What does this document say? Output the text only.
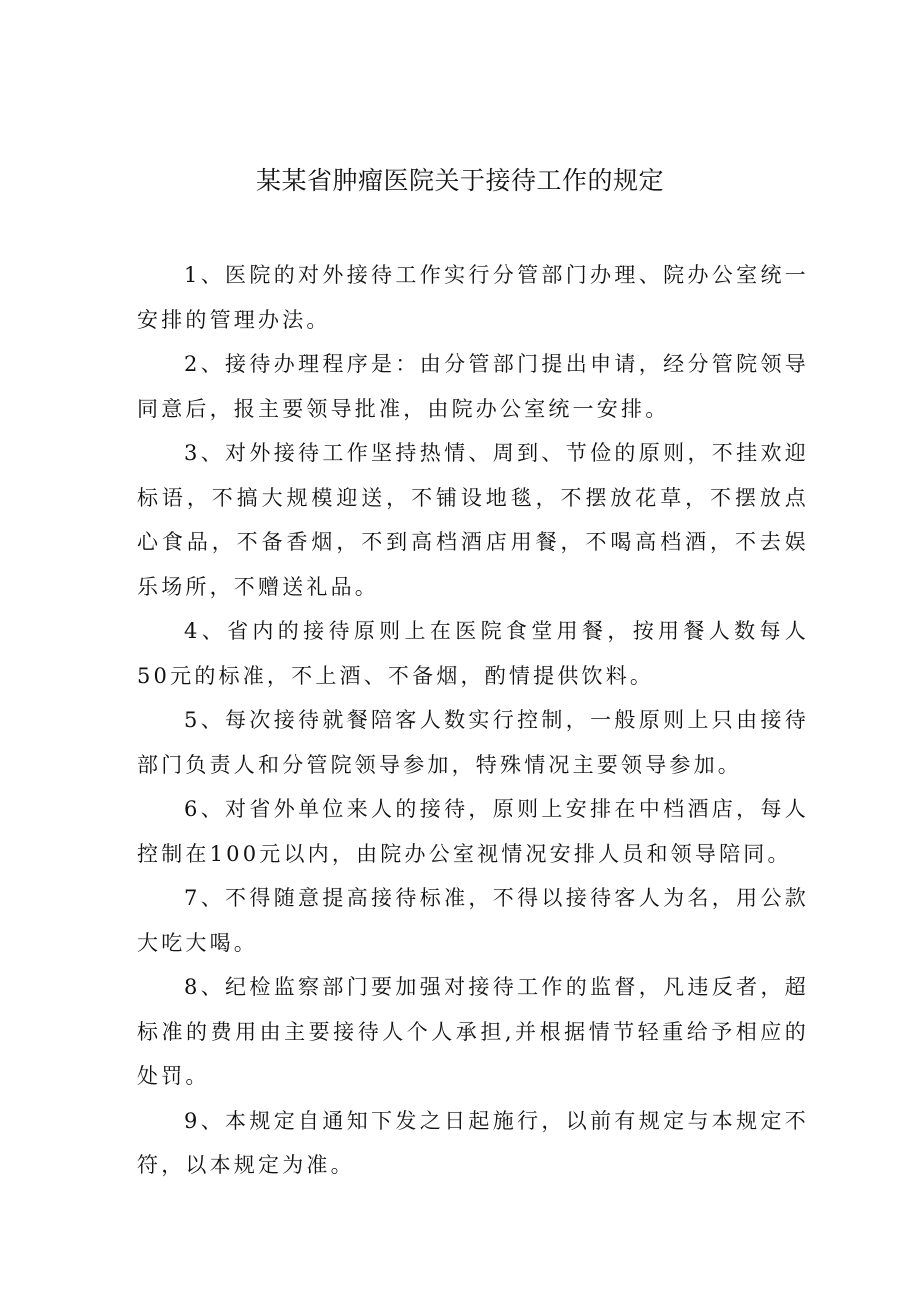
某某省肿瘤医院关于接待工作的规定

1、医院的对外接待工作实行分管部门办理、院办公室统一安排的管理办法。

2、接待办理程序是：由分管部门提出申请，经分管院领导同意后，报主要领导批准，由院办公室统一安排。

3、对外接待工作坚持热情、周到、节俭的原则，不挂欢迎标语，不搞大规模迎送，不铺设地毯，不摆放花草，不摆放点心食品，不备香烟，不到高档酒店用餐，不喝高档酒，不去娱乐场所，不赠送礼品。

4、省内的接待原则上在医院食堂用餐，按用餐人数每人50元的标准，不上酒、不备烟，酌情提供饮料。

5、每次接待就餐陪客人数实行控制，一般原则上只由接待部门负责人和分管院领导参加，特殊情况主要领导参加。

6、对省外单位来人的接待，原则上安排在中档酒店，每人控制在100元以内，由院办公室视情况安排人员和领导陪同。

7、不得随意提高接待标准，不得以接待客人为名，用公款大吃大喝。

8、纪检监察部门要加强对接待工作的监督，凡违反者，超标准的费用由主要接待人个人承担,并根据情节轻重给予相应的处罚。

9、本规定自通知下发之日起施行，以前有规定与本规定不符，以本规定为准。
